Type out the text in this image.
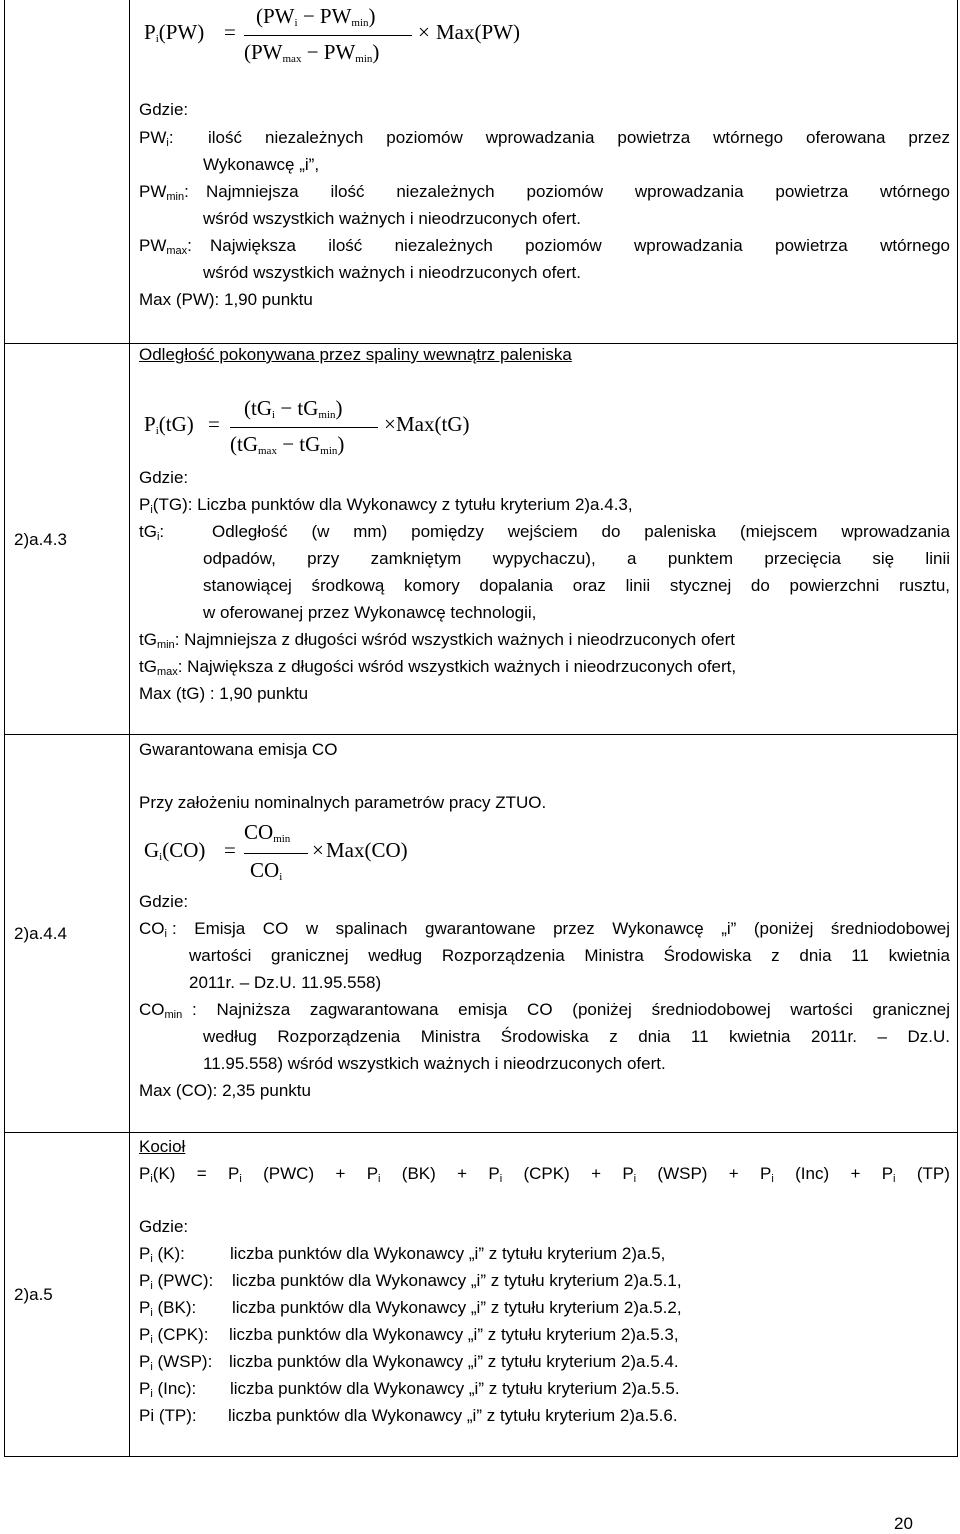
$P_i(PW)$ =
$(PW_i - PW_{min})$
$(PW_{max} - PW_{min})$
× Max(PW)
Gdzie:
$PW_i$: ilość niezależnych poziomów wprowadzania powietrza wtórnego oferowana przez
Wykonawcę „i”,
$PW_{min}$: Najmniejsza ilość niezależnych poziomów wprowadzania powietrza wtórnego
wśród wszystkich ważnych i nieodrzuconych ofert.
$PW_{max}$: Największa ilość niezależnych poziomów wprowadzania powietrza wtórnego
wśród wszystkich ważnych i nieodrzuconych ofert.
Max (PW): 1,90 punktu
2)a.4.3
Odległość pokonywana przez spaliny wewnątrz paleniska
$P_i(tG)$ =
$(tG_i - tG_{min})$
$(tG_{max} - tG_{min})$
× Max(tG)
Gdzie:
$P_i(TG)$: Liczba punktów dla Wykonawcy z tytułu kryterium 2)a.4.3,
$tG_i$:	Odległość (w mm) pomiędzy wejściem do paleniska (miejscem wprowadzania
odpadów, przy zamkniętym wypychaczu), a punktem przecięcia się linii
stanowiącej środkową komory dopalania oraz linii stycznej do powierzchni rusztu,
w oferowanej przez Wykonawcę technologii,
$tG_{min}$: Najmniejsza z długości wśród wszystkich ważnych i nieodrzuconych ofert
$tG_{max}$: Największa z długości wśród wszystkich ważnych i nieodrzuconych ofert,
Max (tG) : 1,90 punktu
2)a.4.4
Gwarantowana emisja CO
Przy założeniu nominalnych parametrów pracy ZTUO.
$G_i(CO)$ =
$CO_{min}$
$CO_i$
× Max(CO)
Gdzie:
$CO_i$ : Emisja CO w spalinach gwarantowane przez Wykonawcę „i” (poniżej średniodobowej
wartości granicznej według Rozporządzenia Ministra Środowiska z dnia 11 kwietnia
2011r. – Dz.U. 11.95.558)
$CO_{min}$ : Najniższa zagwarantowana emisja CO (poniżej średniodobowej wartości granicznej
według Rozporządzenia Ministra Środowiska z dnia 11 kwietnia 2011r. – Dz.U.
11.95.558) wśród wszystkich ważnych i nieodrzuconych ofert.
Max (CO): 2,35 punktu
2)a.5
Kocioł
$P_i(K) = P_i$ $(PWC) + P_i$ $(BK) + P_i$ $(CPK) + P_i$ $(WSP) + P_i$ $(Inc) + P_i$ (TP)
Gdzie:
$P_i$ (K):	liczba punktów dla Wykonawcy „i” z tytułu kryterium 2)a.5,
$P_i$ (PWC): liczba punktów dla Wykonawcy „i” z tytułu kryterium 2)a.5.1,
$P_i$ (BK): liczba punktów dla Wykonawcy „i” z tytułu kryterium 2)a.5.2,
$P_i$ (CPK): liczba punktów dla Wykonawcy „i” z tytułu kryterium 2)a.5.3,
$P_i$ (WSP): liczba punktów dla Wykonawcy „i” z tytułu kryterium 2)a.5.4.
$P_i$ (Inc): liczba punktów dla Wykonawcy „i” z tytułu kryterium 2)a.5.5.
Pi (TP): liczba punktów dla Wykonawcy „i” z tytułu kryterium 2)a.5.6.
20
